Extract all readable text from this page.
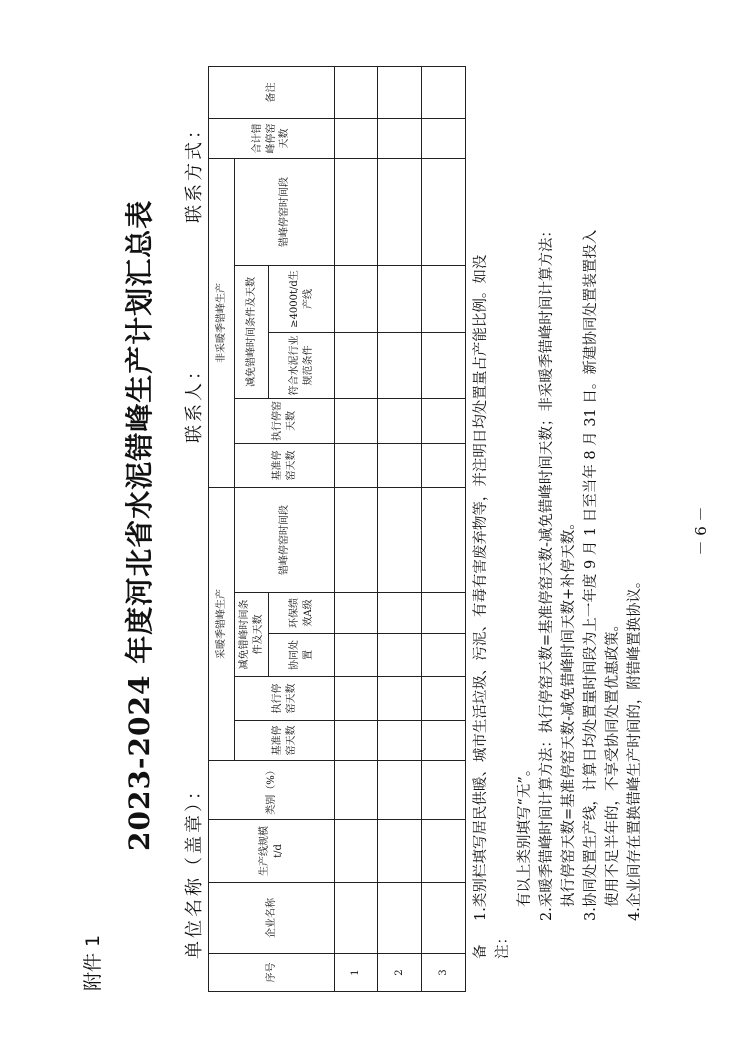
附件 1
2023-2024 年度河北省水泥错峰生产计划汇总表
单位名称（盖章）：
联系人：
联系方式：
序号	企业名称	生产线规模 t/d	类别（%）	采暖季错峰生产					非采暖季错峰生产					合计错峰停窑天数	备注
				基准停窑天数	执行停窑天数	减免错峰时间条件及天数		错峰停窑时间段	基准停窑天数	执行停窑天数	减免错峰时间条件及天数		错峰停窑时间段		
						协同处置	环保绩效A级				符合水泥行业规范条件	≥4000t/d生产线			
1															
2															
3															
备注：
1.类别栏填写居民供暖、城市生活垃圾、污泥、有毒有害废弃物等，并注明日均处置量占产能比例。如没	有以上类别填写“无”。 2.采暖季错峰时间计算方法：执行停窑天数=基准停窑天数-减免错峰时间天数；非采暖季错峰时间计算方法： 执行停窑天数=基准停窑天数-减免错峰时间天数+补停天数。 3.协同处置生产线，计算日均处置量时间段为上一年度 9 月 1 日至当年 8 月 31 日。新建协同处置装置投入 使用不足半年的，不享受协同处置优惠政策。 4.企业间存在置换错峰生产时间的，附错峰置换协议。
－ 6 －
